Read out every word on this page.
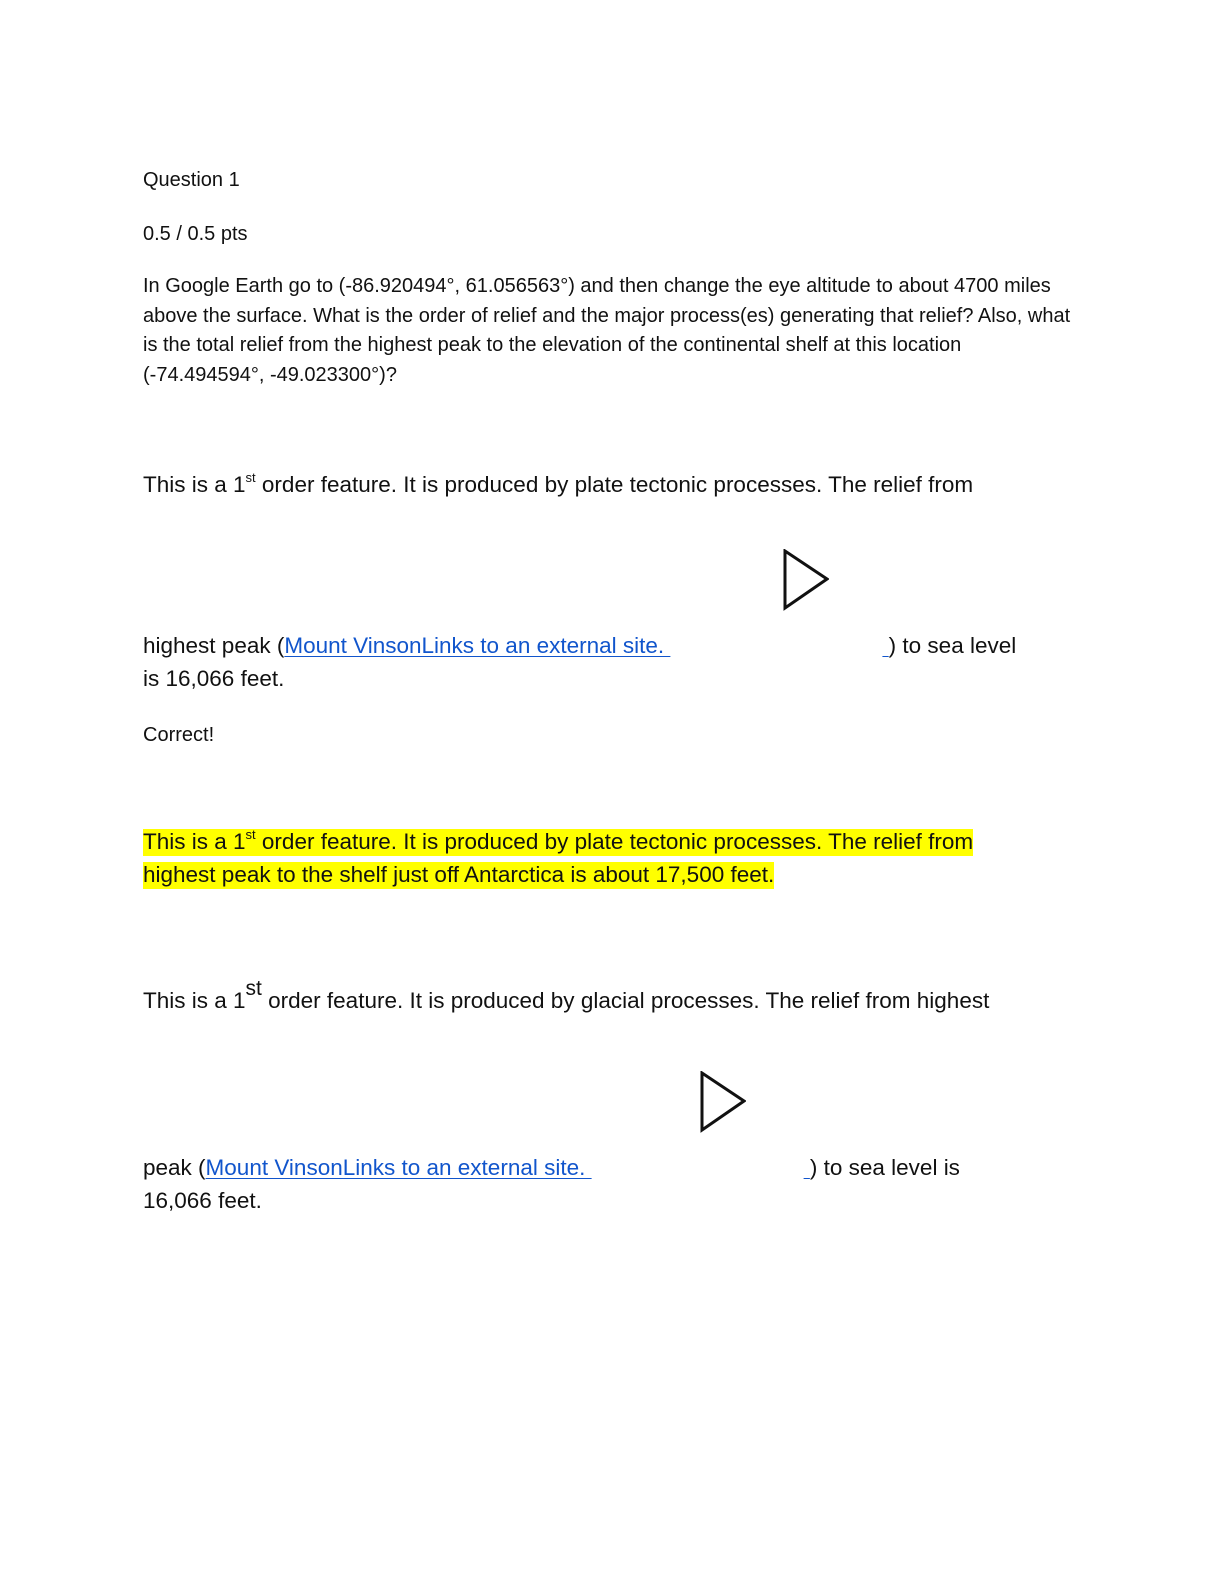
Question 1
0.5 / 0.5 pts
In Google Earth go to (-86.920494°, 61.056563°) and then change the eye altitude to about 4700 miles above the surface. What is the order of relief and the major process(es) generating that relief? Also, what is the total relief from the highest peak to the elevation of the continental shelf at this location (-74.494594°, -49.023300°)?
This is a 1st order feature. It is produced by plate tectonic processes. The relief from
highest peak (Mount VinsonLinks to an external site.	) to sea level
is 16,066 feet.
Correct!
This is a 1st order feature. It is produced by plate tectonic processes. The relief from
highest peak to the shelf just off Antarctica is about 17,500 feet.
This is a 1st order feature. It is produced by glacial processes. The relief from highest
peak (Mount VinsonLinks to an external site.	) to sea level is
16,066 feet.
